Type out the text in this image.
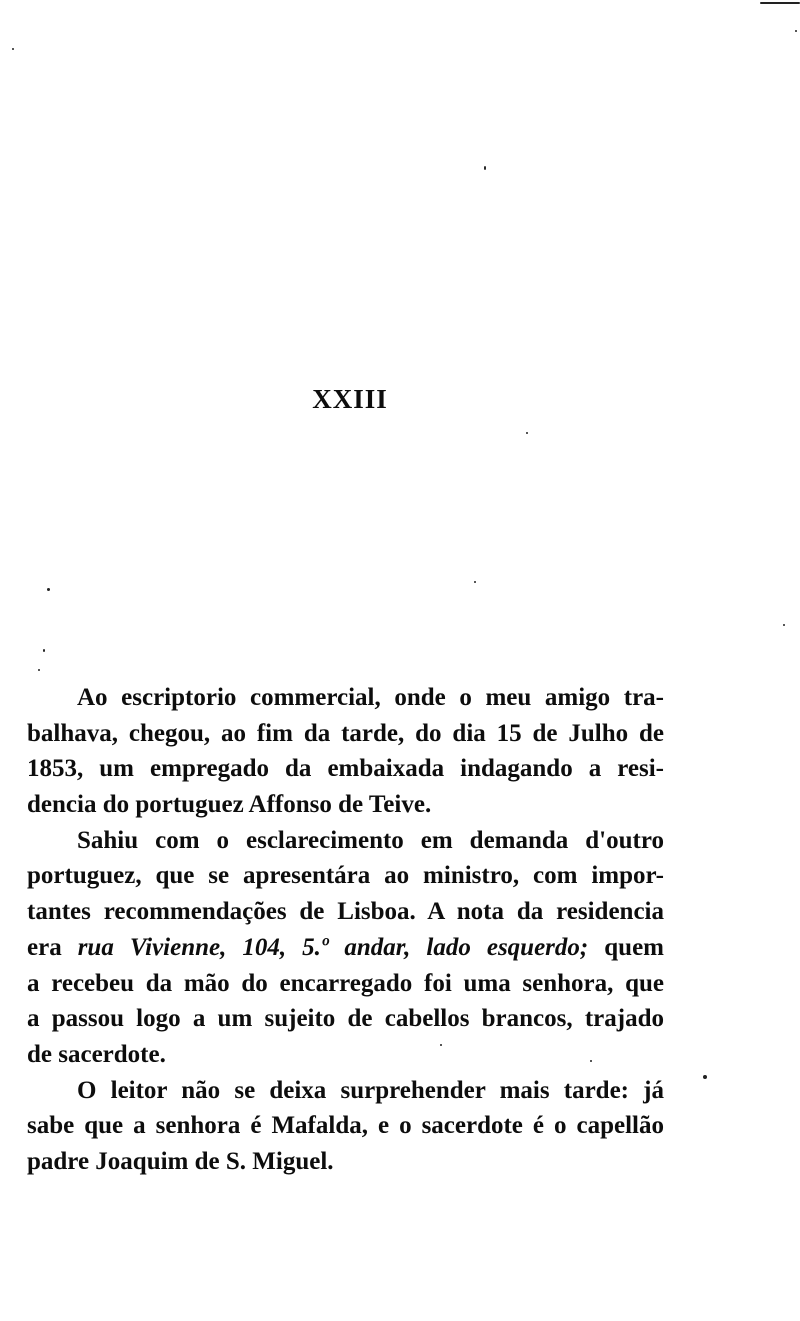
XXIII
Ao escriptorio commercial, onde o meu amigo tra-
balhava, chegou, ao fim da tarde, do dia 15 de Julho de
1853, um empregado da embaixada indagando a resi-
dencia do portuguez Affonso de Teive.
Sahiu com o esclarecimento em demanda d'outro
portuguez, que se apresentára ao ministro, com impor-
tantes recommendações de Lisboa. A nota da residencia
era rua Vivienne, 104, 5.º andar, lado esquerdo; quem
a recebeu da mão do encarregado foi uma senhora, que
a passou logo a um sujeito de cabellos brancos, trajado
de sacerdote.
O leitor não se deixa surprehender mais tarde: já
sabe que a senhora é Mafalda, e o sacerdote é o capellão
padre Joaquim de S. Miguel.
